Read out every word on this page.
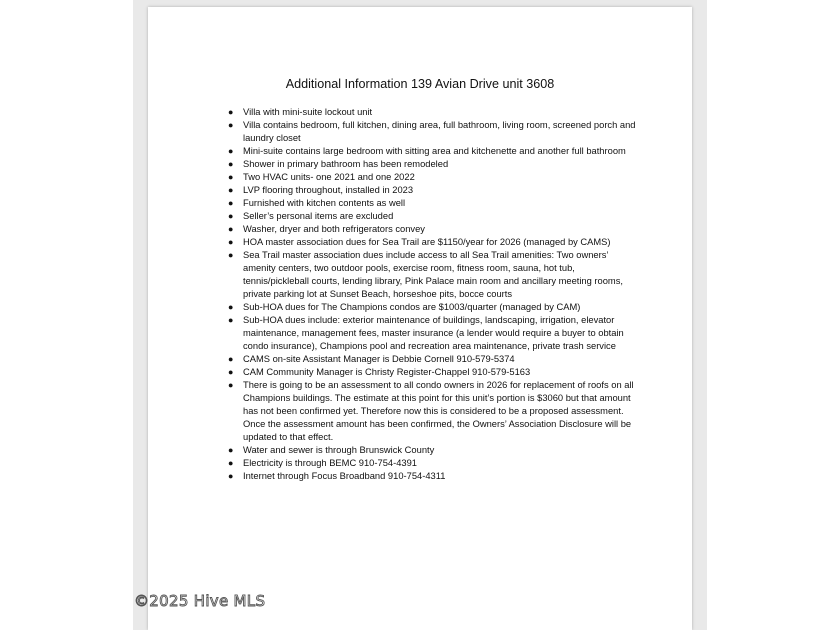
Additional Information 139 Avian Drive unit 3608
● Villa with mini-suite lockout unit
● Villa contains bedroom, full kitchen, dining area, full bathroom, living room, screened porch and laundry closet
● Mini-suite contains large bedroom with sitting area and kitchenette and another full bathroom
● Shower in primary bathroom has been remodeled
● Two HVAC units- one 2021 and one 2022
● LVP flooring throughout, installed in 2023
● Furnished with kitchen contents as well
● Seller’s personal items are excluded
● Washer, dryer and both refrigerators convey
● HOA master association dues for Sea Trail are $1150/year for 2026 (managed by CAMS)
● Sea Trail master association dues include access to all Sea Trail amenities: Two owners’ amenity centers, two outdoor pools, exercise room, fitness room, sauna, hot tub, tennis/pickleball courts, lending library, Pink Palace main room and ancillary meeting rooms, private parking lot at Sunset Beach, horseshoe pits, bocce courts
● Sub-HOA dues for The Champions condos are $1003/quarter (managed by CAM)
● Sub-HOA dues include: exterior maintenance of buildings, landscaping, irrigation, elevator maintenance, management fees, master insurance (a lender would require a buyer to obtain condo insurance), Champions pool and recreation area maintenance, private trash service
● CAMS on-site Assistant Manager is Debbie Cornell 910-579-5374
● CAM Community Manager is Christy Register-Chappel 910-579-5163
● There is going to be an assessment to all condo owners in 2026 for replacement of roofs on all Champions buildings. The estimate at this point for this unit’s portion is $3060 but that amount has not been confirmed yet. Therefore now this is considered to be a proposed assessment. Once the assessment amount has been confirmed, the Owners’ Association Disclosure will be updated to that effect.
● Water and sewer is through Brunswick County
● Electricity is through BEMC 910-754-4391
● Internet through Focus Broadband 910-754-4311
©2025 Hive MLS
